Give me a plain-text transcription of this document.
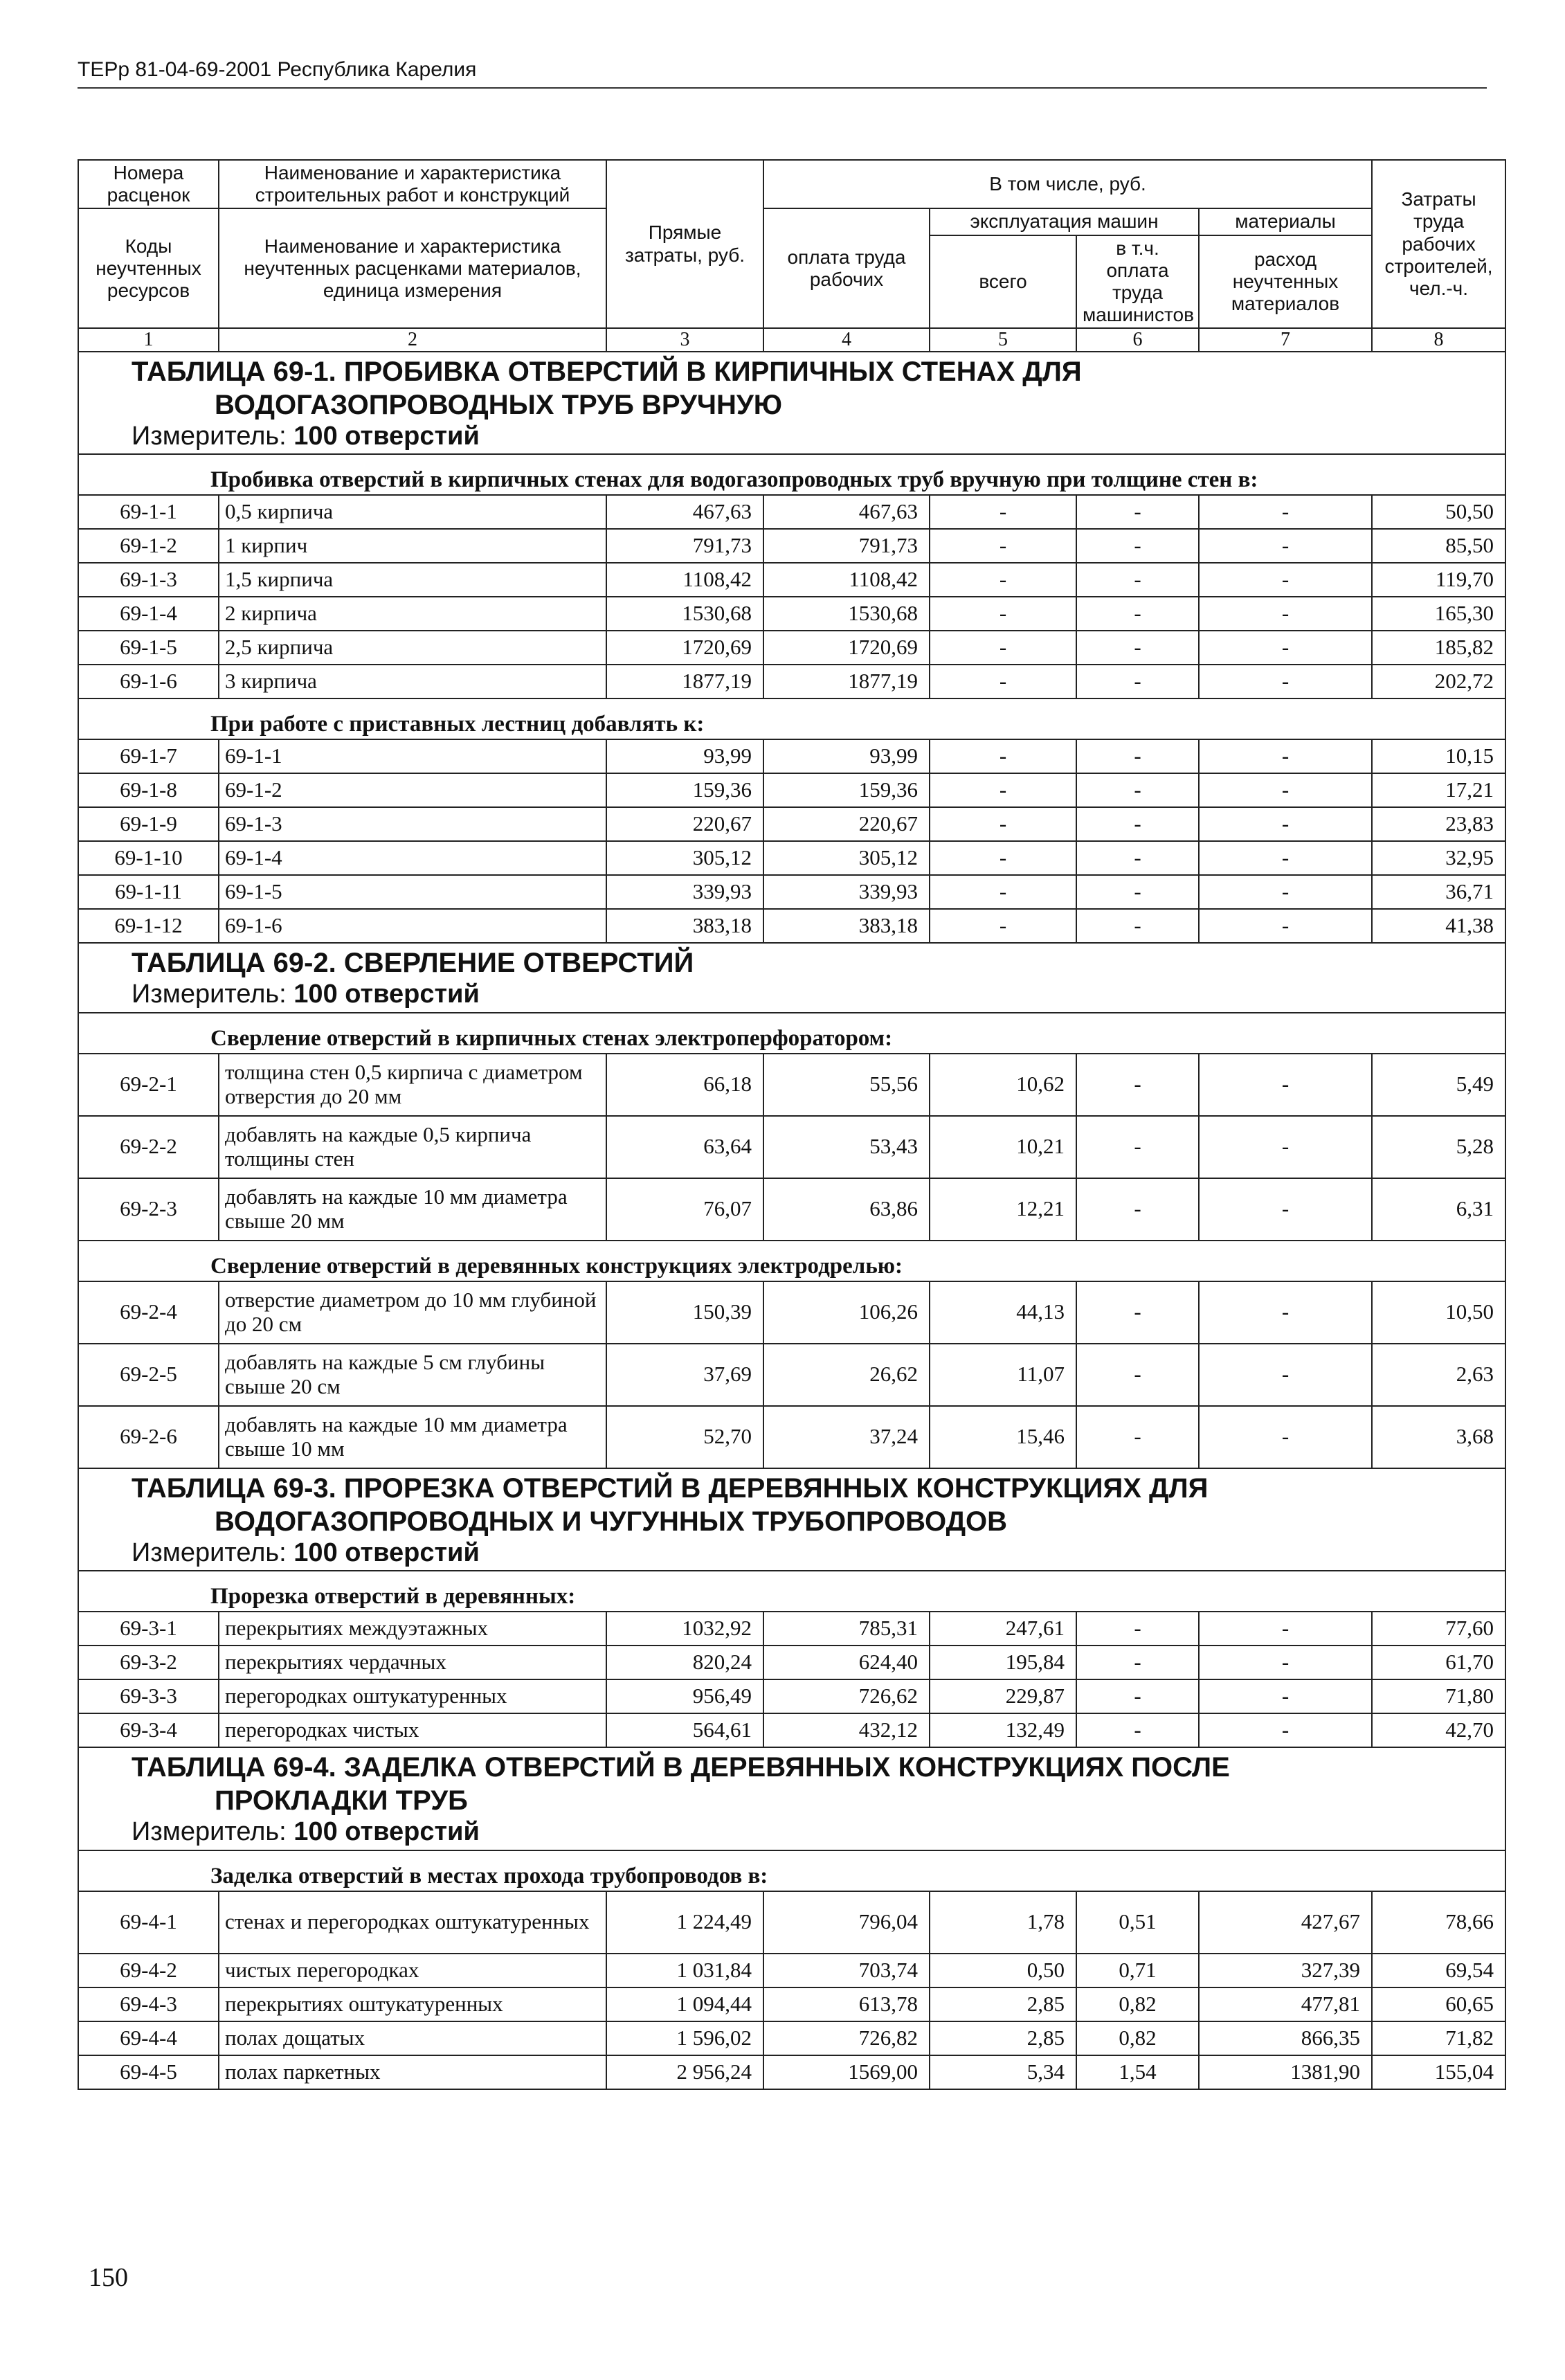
ТЕРр 81-04-69-2001 Республика Карелия
Номера расценок	Наименование и характеристика строительных работ и конструкций	Прямые затраты, руб.	В том числе, руб.				Затраты труда рабочих строителей, чел.-ч.
Коды неучтенных ресурсов	Наименование и характеристика неучтенных расценками материалов, единица измерения		оплата труда рабочих	эксплуатация машин		материалы	
				всего	в т.ч. оплата труда машинистов	расход неучтенных материалов	
1	2	3	4	5	6	7	8

ТАБЛИЦА 69-1. ПРОБИВКА ОТВЕРСТИЙ В КИРПИЧНЫХ СТЕНАХ ДЛЯ
ВОДОГАЗОПРОВОДНЫХ ТРУБ ВРУЧНУЮ
Измеритель: 100 отверстий							

Пробивка отверстий в кирпичных стенах для водогазопроводных труб вручную при толщине стен в:							
69-1-1	0,5 кирпича	467,63	467,63	-	-	-	50,50
69-1-2	1 кирпич	791,73	791,73	-	-	-	85,50
69-1-3	1,5 кирпича	1108,42	1108,42	-	-	-	119,70
69-1-4	2 кирпича	1530,68	1530,68	-	-	-	165,30
69-1-5	2,5 кирпича	1720,69	1720,69	-	-	-	185,82
69-1-6	3 кирпича	1877,19	1877,19	-	-	-	202,72
При работе с приставных лестниц добавлять к:							
69-1-7	69-1-1	93,99	93,99	-	-	-	10,15
69-1-8	69-1-2	159,36	159,36	-	-	-	17,21
69-1-9	69-1-3	220,67	220,67	-	-	-	23,83
69-1-10	69-1-4	305,12	305,12	-	-	-	32,95
69-1-11	69-1-5	339,93	339,93	-	-	-	36,71
69-1-12	69-1-6	383,18	383,18	-	-	-	41,38

ТАБЛИЦА 69-2. СВЕРЛЕНИЕ ОТВЕРСТИЙ
Измеритель: 100 отверстий							

Сверление отверстий в кирпичных стенах электроперфоратором:							
69-2-1	толщина стен 0,5 кирпича с диаметром отверстия до 20 мм	66,18	55,56	10,62	-	-	5,49
69-2-2	добавлять на каждые 0,5 кирпича толщины стен	63,64	53,43	10,21	-	-	5,28
69-2-3	добавлять на каждые 10 мм диаметра свыше 20 мм	76,07	63,86	12,21	-	-	6,31
Сверление отверстий в деревянных конструкциях электродрелью:							
69-2-4	отверстие диаметром до 10 мм глубиной до 20 см	150,39	106,26	44,13	-	-	10,50
69-2-5	добавлять на каждые 5 см глубины свыше 20 см	37,69	26,62	11,07	-	-	2,63
69-2-6	добавлять на каждые 10 мм диаметра свыше 10 мм	52,70	37,24	15,46	-	-	3,68

ТАБЛИЦА 69-3. ПРОРЕЗКА ОТВЕРСТИЙ В ДЕРЕВЯННЫХ КОНСТРУКЦИЯХ ДЛЯ
ВОДОГАЗОПРОВОДНЫХ И ЧУГУННЫХ ТРУБОПРОВОДОВ
Измеритель: 100 отверстий							

Прорезка отверстий в деревянных:							
69-3-1	перекрытиях междуэтажных	1032,92	785,31	247,61	-	-	77,60
69-3-2	перекрытиях чердачных	820,24	624,40	195,84	-	-	61,70
69-3-3	перегородках оштукатуренных	956,49	726,62	229,87	-	-	71,80
69-3-4	перегородках чистых	564,61	432,12	132,49	-	-	42,70

ТАБЛИЦА 69-4. ЗАДЕЛКА ОТВЕРСТИЙ В ДЕРЕВЯННЫХ КОНСТРУКЦИЯХ ПОСЛЕ
ПРОКЛАДКИ ТРУБ
Измеритель: 100 отверстий							

Заделка отверстий в местах прохода трубопроводов в:							
69-4-1	стенах и перегородках оштукатуренных	1 224,49	796,04	1,78	0,51	427,67	78,66
69-4-2	чистых перегородках	1 031,84	703,74	0,50	0,71	327,39	69,54
69-4-3	перекрытиях оштукатуренных	1 094,44	613,78	2,85	0,82	477,81	60,65
69-4-4	полах дощатых	1 596,02	726,82	2,85	0,82	866,35	71,82
69-4-5	полах паркетных	2 956,24	1569,00	5,34	1,54	1381,90	155,04
150
